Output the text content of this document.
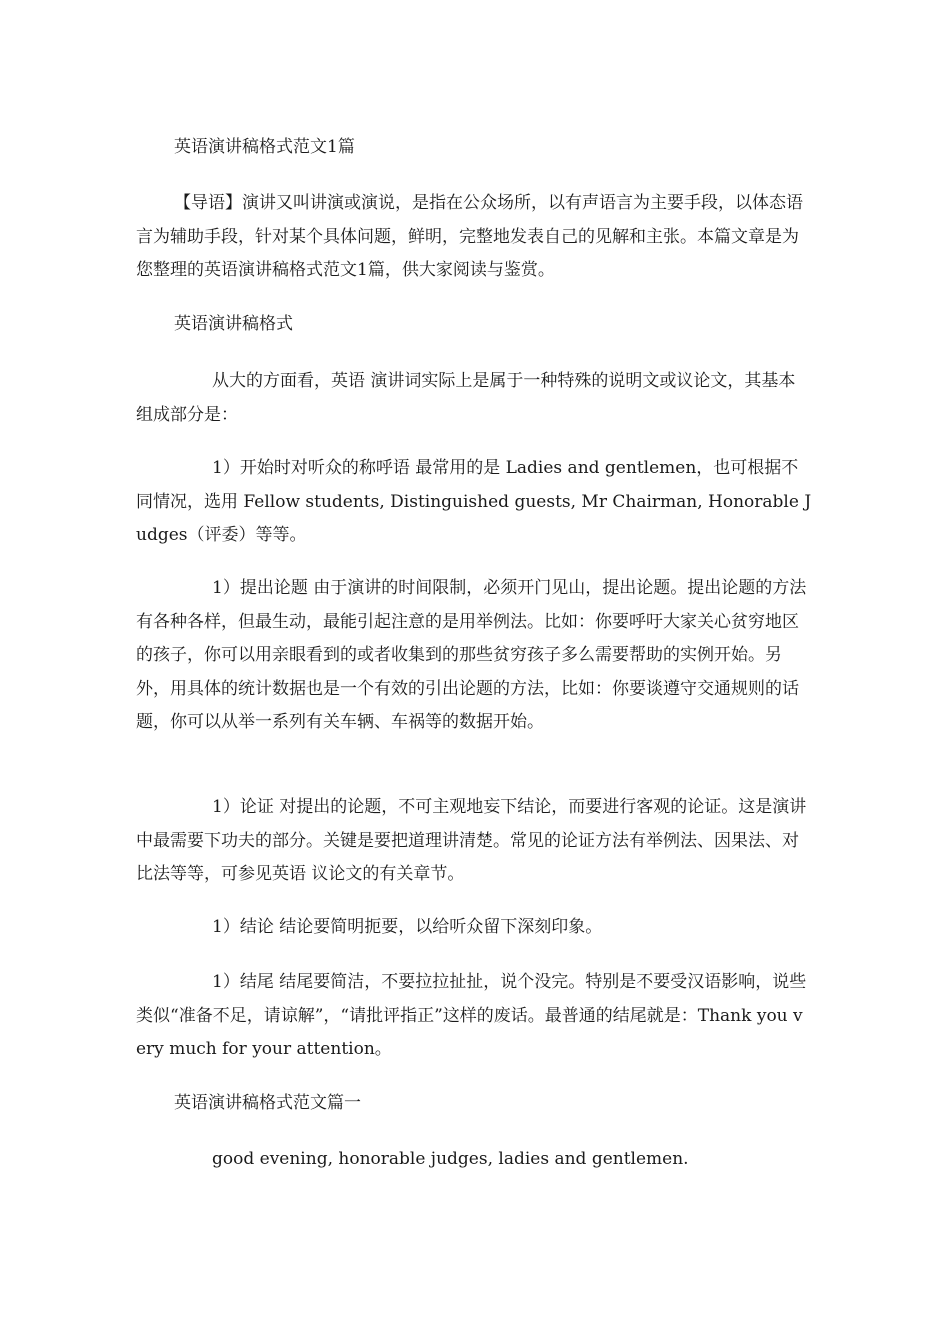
英语演讲稿格式范文1篇

【导语】演讲又叫讲演或演说，是指在公众场所，以有声语言为主要手段，以体态语言为辅助手段，针对某个具体问题，鲜明，完整地发表自己的见解和主张。本篇文章是为您整理的英语演讲稿格式范文1篇，供大家阅读与鉴赏。

英语演讲稿格式

从大的方面看，英语 演讲词实际上是属于一种特殊的说明文或议论文，其基本组成部分是：

1）开始时对听众的称呼语 最常用的是 Ladies and gentlemen，也可根据不同情况，选用 Fellow students, Distinguished guests, Mr Chairman, Honorable Judges（评委）等等。

1）提出论题 由于演讲的时间限制，必须开门见山，提出论题。提出论题的方法有各种各样，但最生动，最能引起注意的是用举例法。比如：你要呼吁大家关心贫穷地区的孩子，你可以用亲眼看到的或者收集到的那些贫穷孩子多么需要帮助的实例开始。另外，用具体的统计数据也是一个有效的引出论题的方法，比如：你要谈遵守交通规则的话题，你可以从举一系列有关车辆、车祸等的数据开始。

1）论证 对提出的论题，不可主观地妄下结论，而要进行客观的论证。这是演讲中最需要下功夫的部分。关键是要把道理讲清楚。常见的论证方法有举例法、因果法、对比法等等，可参见英语 议论文的有关章节。

1）结论 结论要简明扼要，以给听众留下深刻印象。

1）结尾 结尾要简洁，不要拉拉扯扯，说个没完。特别是不要受汉语影响，说些类似“准备不足，请谅解”，“请批评指正”这样的废话。最普通的结尾就是：Thank you very much for your attention。

英语演讲稿格式范文篇一

good evening, honorable judges, ladies and gentlemen.
